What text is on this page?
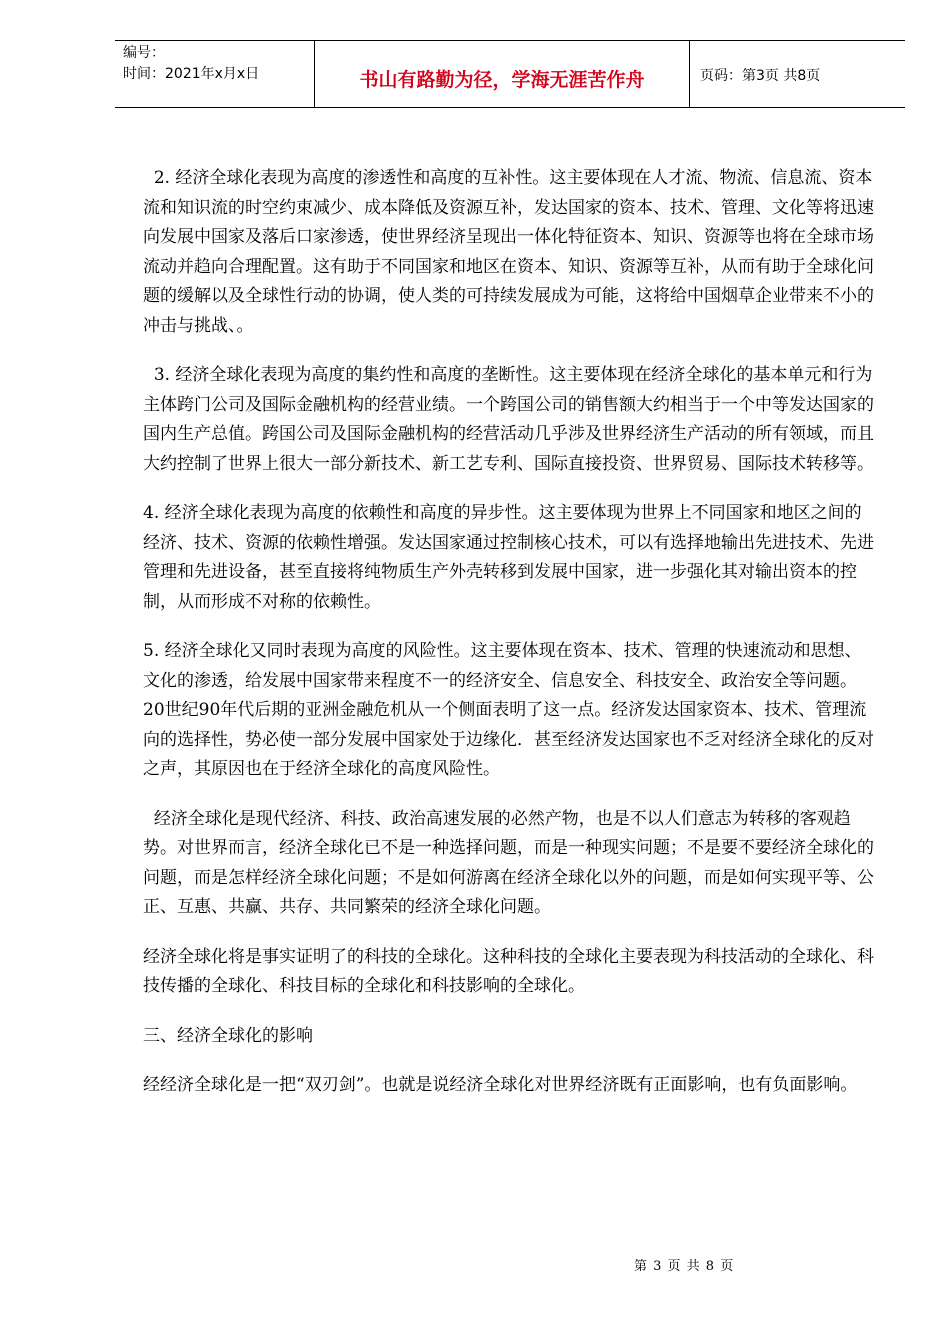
编号：
时间：2021年x月x日	书山有路勤为径，学海无涯苦作舟	页码：第3页 共8页

2. 经济全球化表现为高度的渗透性和高度的互补性。这主要体现在人才流、物流、信息流、资本流和知识流的时空约束减少、成本降低及资源互补，发达国家的资本、技术、管理、文化等将迅速向发展中国家及落后口家渗透，使世界经济呈现出一体化特征资本、知识、资源等也将在全球市场流动并趋向合理配置。这有助于不同国家和地区在资本、知识、资源等互补，从而有助于全球化问题的缓解以及全球性行动的协调，使人类的可持续发展成为可能，这将给中国烟草企业带来不小的冲击与挑战、。

3. 经济全球化表现为高度的集约性和高度的垄断性。这主要体现在经济全球化的基本单元和行为主体跨门公司及国际金融机构的经营业绩。一个跨国公司的销售额大约相当于一个中等发达国家的国内生产总值。跨国公司及国际金融机构的经营活动几乎涉及世界经济生产活动的所有领域，而且大约控制了世界上很大一部分新技术、新工艺专利、国际直接投资、世界贸易、国际技术转移等。

4. 经济全球化表现为高度的依赖性和高度的异步性。这主要体现为世界上不同国家和地区之间的经济、技术、资源的依赖性增强。发达国家通过控制核心技术，可以有选择地输出先进技术、先进管理和先进设备，甚至直接将纯物质生产外壳转移到发展中国家，进一步强化其对输出资本的控制，从而形成不对称的依赖性。

5. 经济全球化又同时表现为高度的风险性。这主要体现在资本、技术、管理的快速流动和思想、文化的渗透，给发展中国家带来程度不一的经济安全、信息安全、科技安全、政治安全等问题。20世纪90年代后期的亚洲金融危机从一个侧面表明了这一点。经济发达国家资本、技术、管理流向的选择性，势必使一部分发展中国家处于边缘化．甚至经济发达国家也不乏对经济全球化的反对之声，其原因也在于经济全球化的高度风险性。

经济全球化是现代经济、科技、政治高速发展的必然产物，也是不以人们意志为转移的客观趋势。对世界而言，经济全球化已不是一种选择问题，而是一种现实问题；不是要不要经济全球化的问题，而是怎样经济全球化问题；不是如何游离在经济全球化以外的问题，而是如何实现平等、公正、互惠、共赢、共存、共同繁荣的经济全球化问题。

经济全球化将是事实证明了的科技的全球化。这种科技的全球化主要表现为科技活动的全球化、科技传播的全球化、科技目标的全球化和科技影响的全球化。

三、经济全球化的影响

经经济全球化是一把“双刃剑”。也就是说经济全球化对世界经济既有正面影响，也有负面影响。

第 3 页 共 8 页
